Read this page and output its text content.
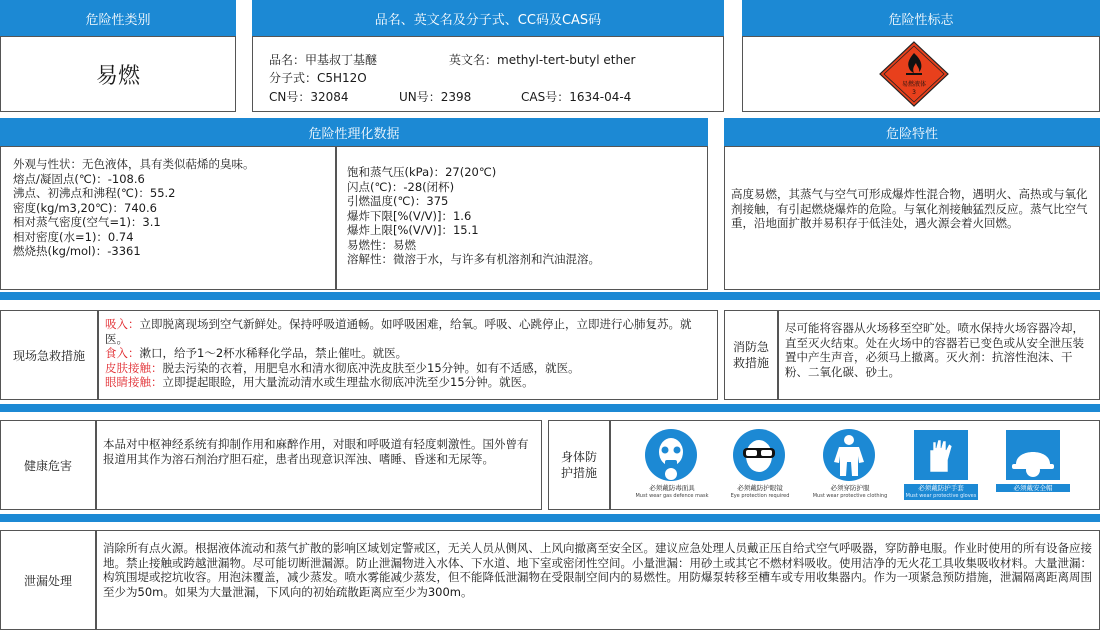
危险性类别	品名、英文名及分子式、CC码及CAS码	危险性标志
易燃
品名：甲基叔丁基醚	英文名：methyl-tert-butyl ether
分子式：C5H12O
CN号：32084	UN号：2398	CAS号：1634-04-4
易燃液体
3
危险性理化数据	危险特性
外观与性状：无色液体，具有类似萜烯的臭味。
熔点/凝固点(℃)：-108.6
沸点、初沸点和沸程(℃)：55.2
密度(kg/m3,20℃)：740.6
相对蒸气密度(空气=1)：3.1
相对密度(水=1)：0.74
燃烧热(kg/mol)：-3361
饱和蒸气压(kPa)：27(20℃)
闪点(℃)：-28(闭杯)
引燃温度(℃)：375
爆炸下限[%(V/V)]：1.6
爆炸上限[%(V/V)]：15.1
易燃性：易燃
溶解性：微溶于水，与许多有机溶剂和汽油混溶。
高度易燃，其蒸气与空气可形成爆炸性混合物，遇明火、高热或与氧化剂接触，有引起燃烧爆炸的危险。与氧化剂接触猛烈反应。蒸气比空气重，沿地面扩散并易积存于低洼处，遇火源会着火回燃。
现场急救措施
吸入：立即脱离现场到空气新鲜处。保持呼吸道通畅。如呼吸困难，给氧。呼吸、心跳停止，立即进行心肺复苏。就医。
食入：漱口，给予1～2杯水稀释化学品，禁止催吐。就医。
皮肤接触：脱去污染的衣着，用肥皂水和清水彻底冲洗皮肤至少15分钟。如有不适感，就医。
眼睛接触：立即提起眼睑，用大量流动清水或生理盐水彻底冲洗至少15分钟。就医。
消防急救措施
尽可能将容器从火场移至空旷处。喷水保持火场容器冷却，直至灭火结束。处在火场中的容器若已变色或从安全泄压装置中产生声音，必须马上撤离。灭火剂：抗溶性泡沫、干粉、二氧化碳、砂土。
健康危害
本品对中枢神经系统有抑制作用和麻醉作用，对眼和呼吸道有轻度刺激性。国外曾有报道用其作为溶石剂治疗胆石症，患者出现意识浑浊、嗜睡、昏迷和无尿等。	身体防护措施
必须戴防毒面具
Must wear gas defence mask
必须戴防护眼镜
Eye protection required
必须穿防护服
Must wear protective clothing
必须戴防护手套
Must wear protective gloves
必须戴安全帽
泄漏处理
消除所有点火源。根据液体流动和蒸气扩散的影响区域划定警戒区，无关人员从侧风、上风向撤离至安全区。建议应急处理人员戴正压自给式空气呼吸器，穿防静电服。作业时使用的所有设备应接地。禁止接触或跨越泄漏物。尽可能切断泄漏源。防止泄漏物进入水体、下水道、地下室或密闭性空间。小量泄漏：用砂土或其它不燃材料吸收。使用洁净的无火花工具收集吸收材料。大量泄漏：构筑围堤或挖坑收容。用泡沫覆盖，减少蒸发。喷水雾能减少蒸发，但不能降低泄漏物在受限制空间内的易燃性。用防爆泵转移至槽车或专用收集器内。作为一项紧急预防措施，泄漏隔离距离周围至少为50m。如果为大量泄漏，下风向的初始疏散距离应至少为300m。
